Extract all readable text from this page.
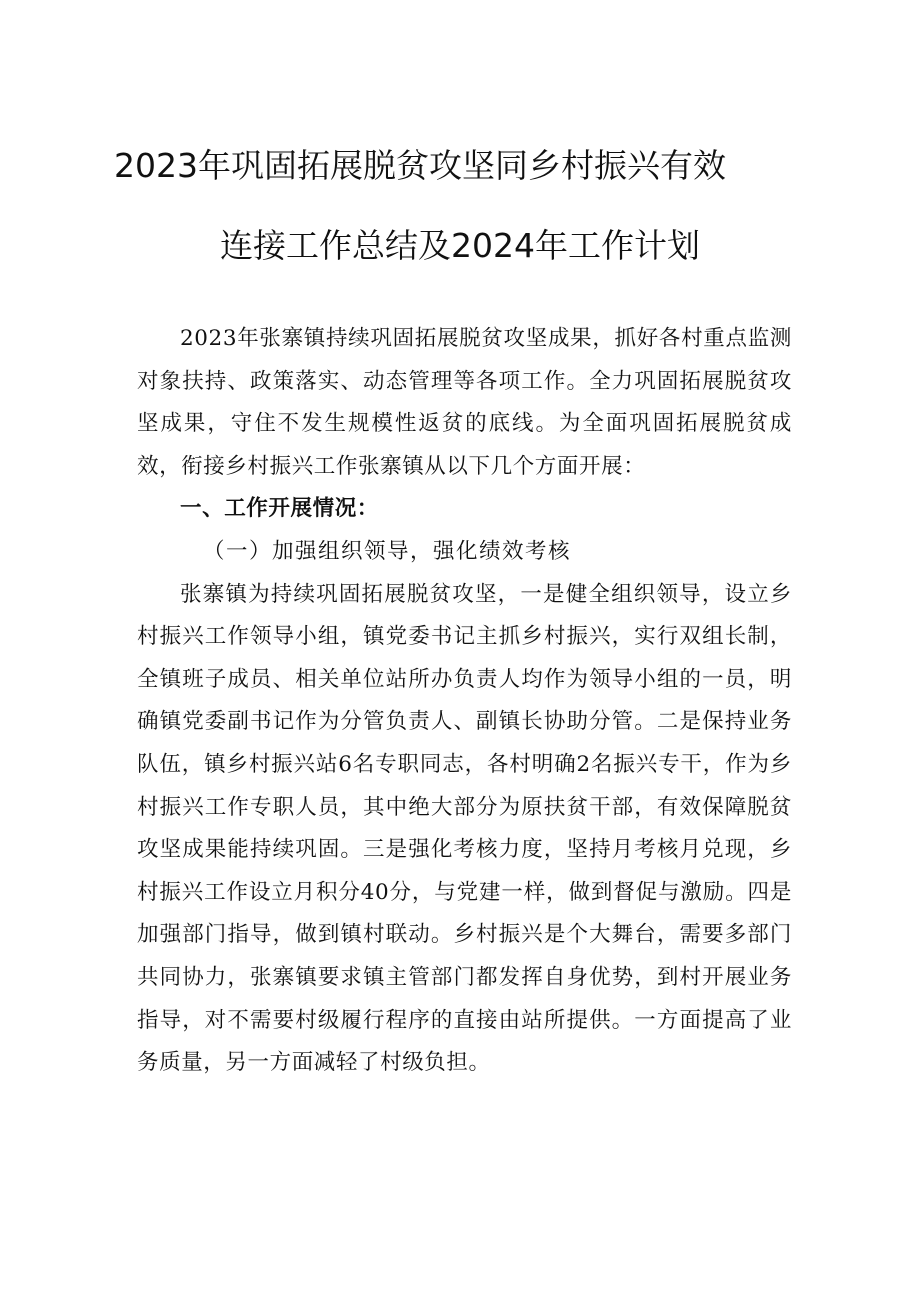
2023年巩固拓展脱贫攻坚同乡村振兴有效
连接工作总结及2024年工作计划

2023年张寨镇持续巩固拓展脱贫攻坚成果，抓好各村重点监测对象扶持、政策落实、动态管理等各项工作。全力巩固拓展脱贫攻坚成果，守住不发生规模性返贫的底线。为全面巩固拓展脱贫成效，衔接乡村振兴工作张寨镇从以下几个方面开展：

一、工作开展情况：
（一）加强组织领导，强化绩效考核

张寨镇为持续巩固拓展脱贫攻坚，一是健全组织领导，设立乡村振兴工作领导小组，镇党委书记主抓乡村振兴，实行双组长制，全镇班子成员、相关单位站所办负责人均作为领导小组的一员，明确镇党委副书记作为分管负责人、副镇长协助分管。二是保持业务队伍，镇乡村振兴站6名专职同志，各村明确2名振兴专干，作为乡村振兴工作专职人员，其中绝大部分为原扶贫干部，有效保障脱贫攻坚成果能持续巩固。三是强化考核力度，坚持月考核月兑现，乡村振兴工作设立月积分40分，与党建一样，做到督促与激励。四是加强部门指导，做到镇村联动。乡村振兴是个大舞台，需要多部门共同协力，张寨镇要求镇主管部门都发挥自身优势，到村开展业务指导，对不需要村级履行程序的直接由站所提供。一方面提高了业务质量，另一方面减轻了村级负担。
